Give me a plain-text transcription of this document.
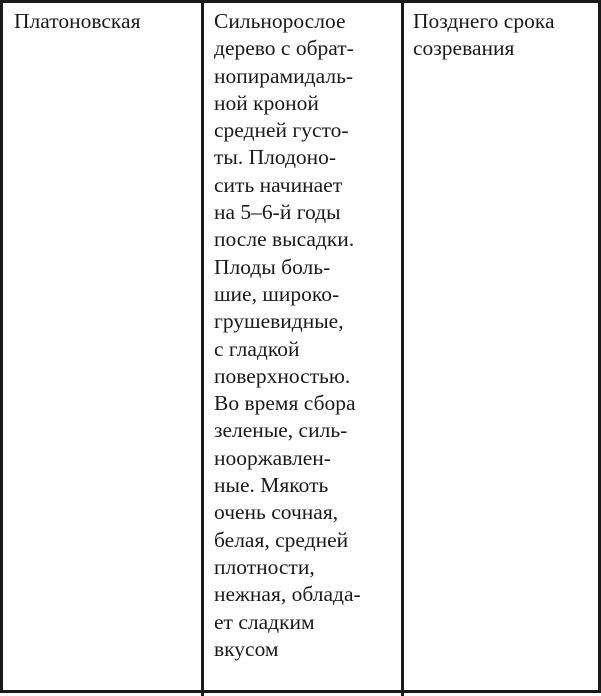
Платоновская	Сильнорослое
дерево с обрат-
нопирамидаль-
ной кроной
средней густо-
ты. Плодоно-
сить начинает
на 5–6-й годы
после высадки.
Плоды боль-
шие, широко-
грушевидные,
с гладкой
поверхностью.
Во время сбора
зеленые, силь-
нооржавлен-
ные. Мякоть
очень сочная,
белая, средней
плотности,
нежная, облада-
ет сладким
вкусом
Позднего срока
созревания
